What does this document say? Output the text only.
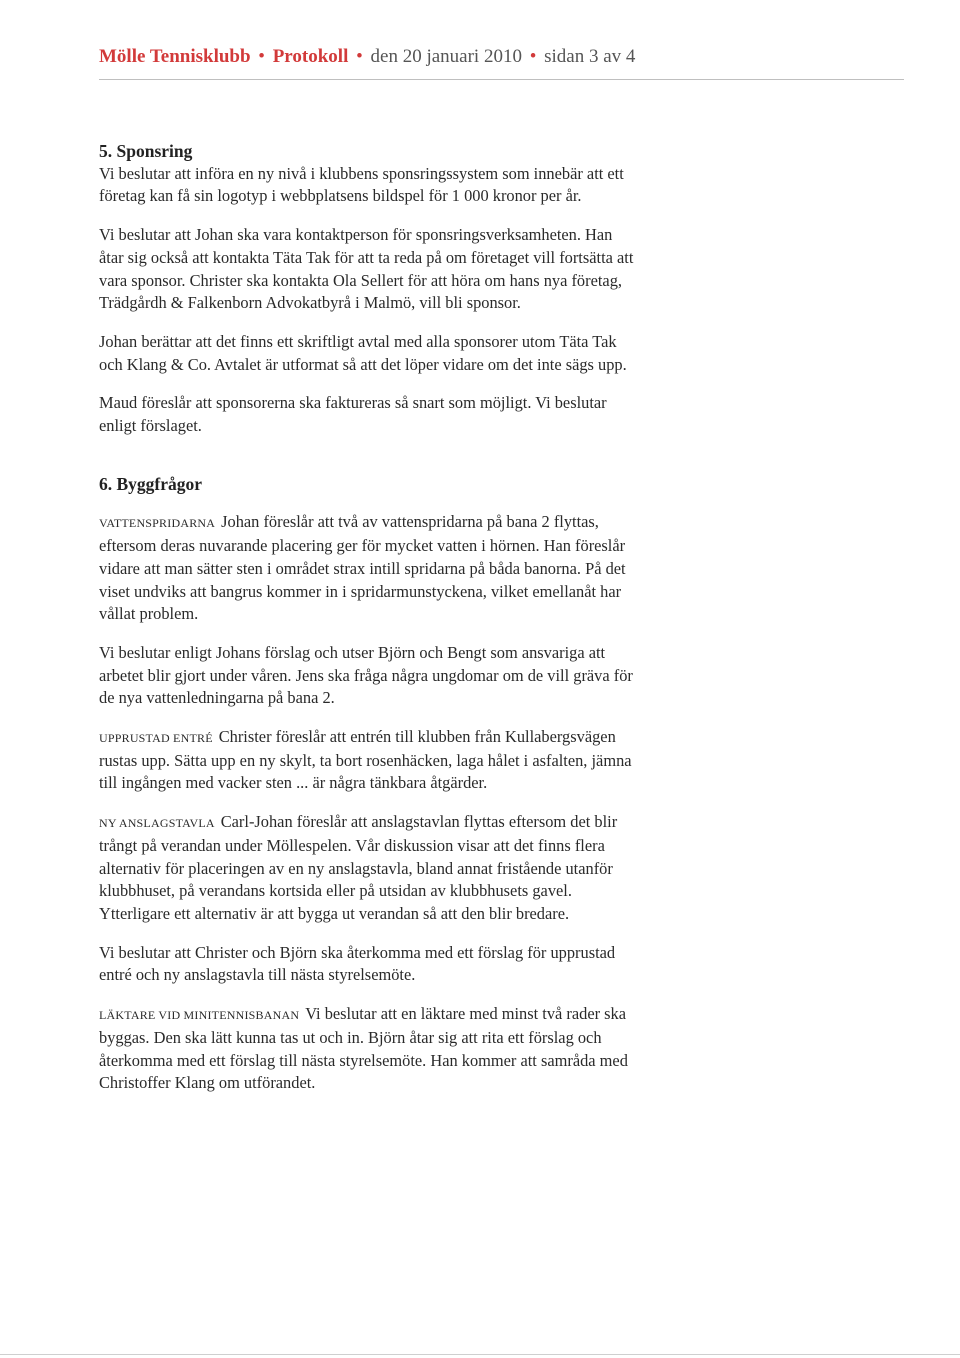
Mölle Tennisklubb • Protokoll • den 20 januari 2010 • sidan 3 av 4
5. Sponsring

Vi beslutar att införa en ny nivå i klubbens sponsringssystem som innebär att ett företag kan få sin logotyp i webbplatsens bildspel för 1 000 kronor per år.

Vi beslutar att Johan ska vara kontaktperson för sponsringsverksamheten. Han åtar sig också att kontakta Täta Tak för att ta reda på om företaget vill fortsätta att vara sponsor. Christer ska kontakta Ola Sellert för att höra om hans nya företag, Trädgårdh & Falkenborn Advokatbyrå i Malmö, vill bli sponsor.

Johan berättar att det finns ett skriftligt avtal med alla sponsorer utom Täta Tak och Klang & Co. Avtalet är utformat så att det löper vidare om det inte sägs upp.

Maud föreslår att sponsorerna ska faktureras så snart som möjligt. Vi beslutar enligt förslaget.

6. Byggfrågor

VATTENSPRIDARNA Johan föreslår att två av vattenspridarna på bana 2 flyttas, eftersom deras nuvarande placering ger för mycket vatten i hörnen. Han föreslår vidare att man sätter sten i området strax intill spridarna på båda banorna. På det viset undviks att bangrus kommer in i spridarmunstyckena, vilket emellanåt har vållat problem.

Vi beslutar enligt Johans förslag och utser Björn och Bengt som ansvariga att arbetet blir gjort under våren. Jens ska fråga några ungdomar om de vill gräva för de nya vattenledningarna på bana 2.

UPPRUSTAD ENTRÉ Christer föreslår att entrén till klubben från Kullabergsvägen rustas upp. Sätta upp en ny skylt, ta bort rosenhäcken, laga hålet i asfalten, jämna till ingången med vacker sten ... är några tänkbara åtgärder.

NY ANSLAGSTAVLA Carl-Johan föreslår att anslagstavlan flyttas eftersom det blir trångt på verandan under Möllespelen. Vår diskussion visar att det finns flera alternativ för placeringen av en ny anslagstavla, bland annat fristående utanför klubbhuset, på verandans kortsida eller på utsidan av klubbhusets gavel. Ytterligare ett alternativ är att bygga ut verandan så att den blir bredare.

Vi beslutar att Christer och Björn ska återkomma med ett förslag för upprustad entré och ny anslagstavla till nästa styrelsemöte.

LÄKTARE VID MINITENNISBANAN Vi beslutar att en läktare med minst två rader ska byggas. Den ska lätt kunna tas ut och in. Björn åtar sig att rita ett förslag och återkomma med ett förslag till nästa styrelsemöte. Han kommer att samråda med Christoffer Klang om utförandet.
